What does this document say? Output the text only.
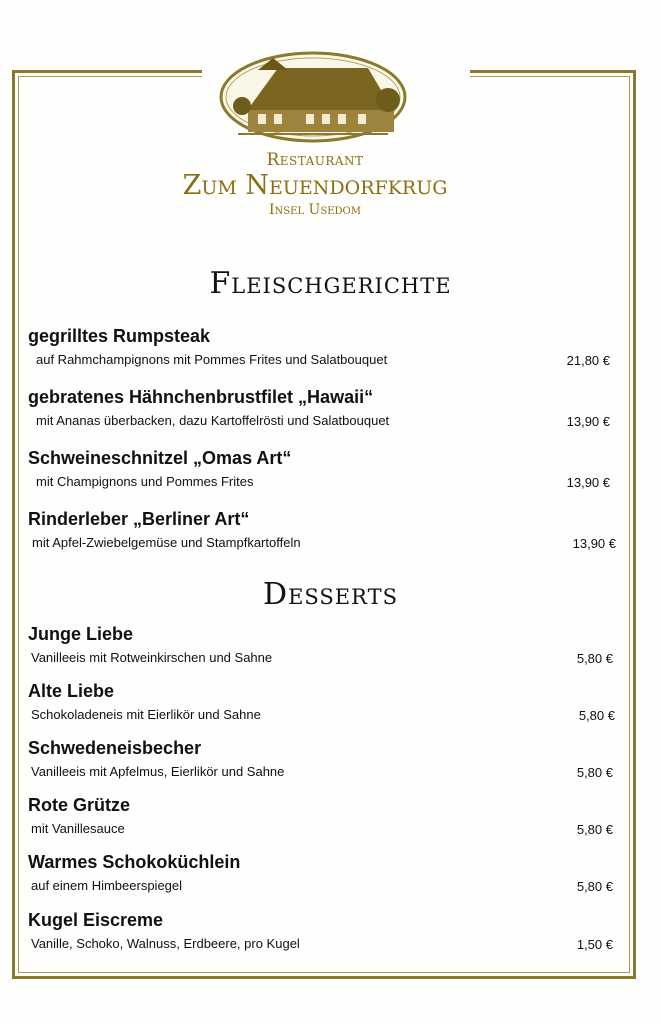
Restaurant
Zum Neuendorfkrug
Insel Usedom
Fleischgerichte
gegrilltes Rumpsteak
auf Rahmchampignons mit Pommes Frites und Salatbouquet	21,80 €
gebratenes Hähnchenbrustfilet „Hawaii“
mit Ananas überbacken, dazu Kartoffelrösti und Salatbouquet	13,90 €
Schweineschnitzel „Omas Art“
mit Champignons und Pommes Frites	13,90 €
Rinderleber „Berliner Art“
mit Apfel-Zwiebelgemüse und Stampfkartoffeln	13,90 €
Desserts
Junge Liebe
Vanilleeis mit Rotweinkirschen und Sahne	5,80 €
Alte Liebe
Schokoladeneis mit Eierlikör und Sahne	5,80 €
Schwedeneisbecher
Vanilleeis mit Apfelmus, Eierlikör und Sahne	5,80 €
Rote Grütze
mit Vanillesauce	5,80 €
Warmes Schokoküchlein
auf einem Himbeerspiegel	5,80 €
Kugel Eiscreme
Vanille, Schoko, Walnuss, Erdbeere, pro Kugel	1,50 €
